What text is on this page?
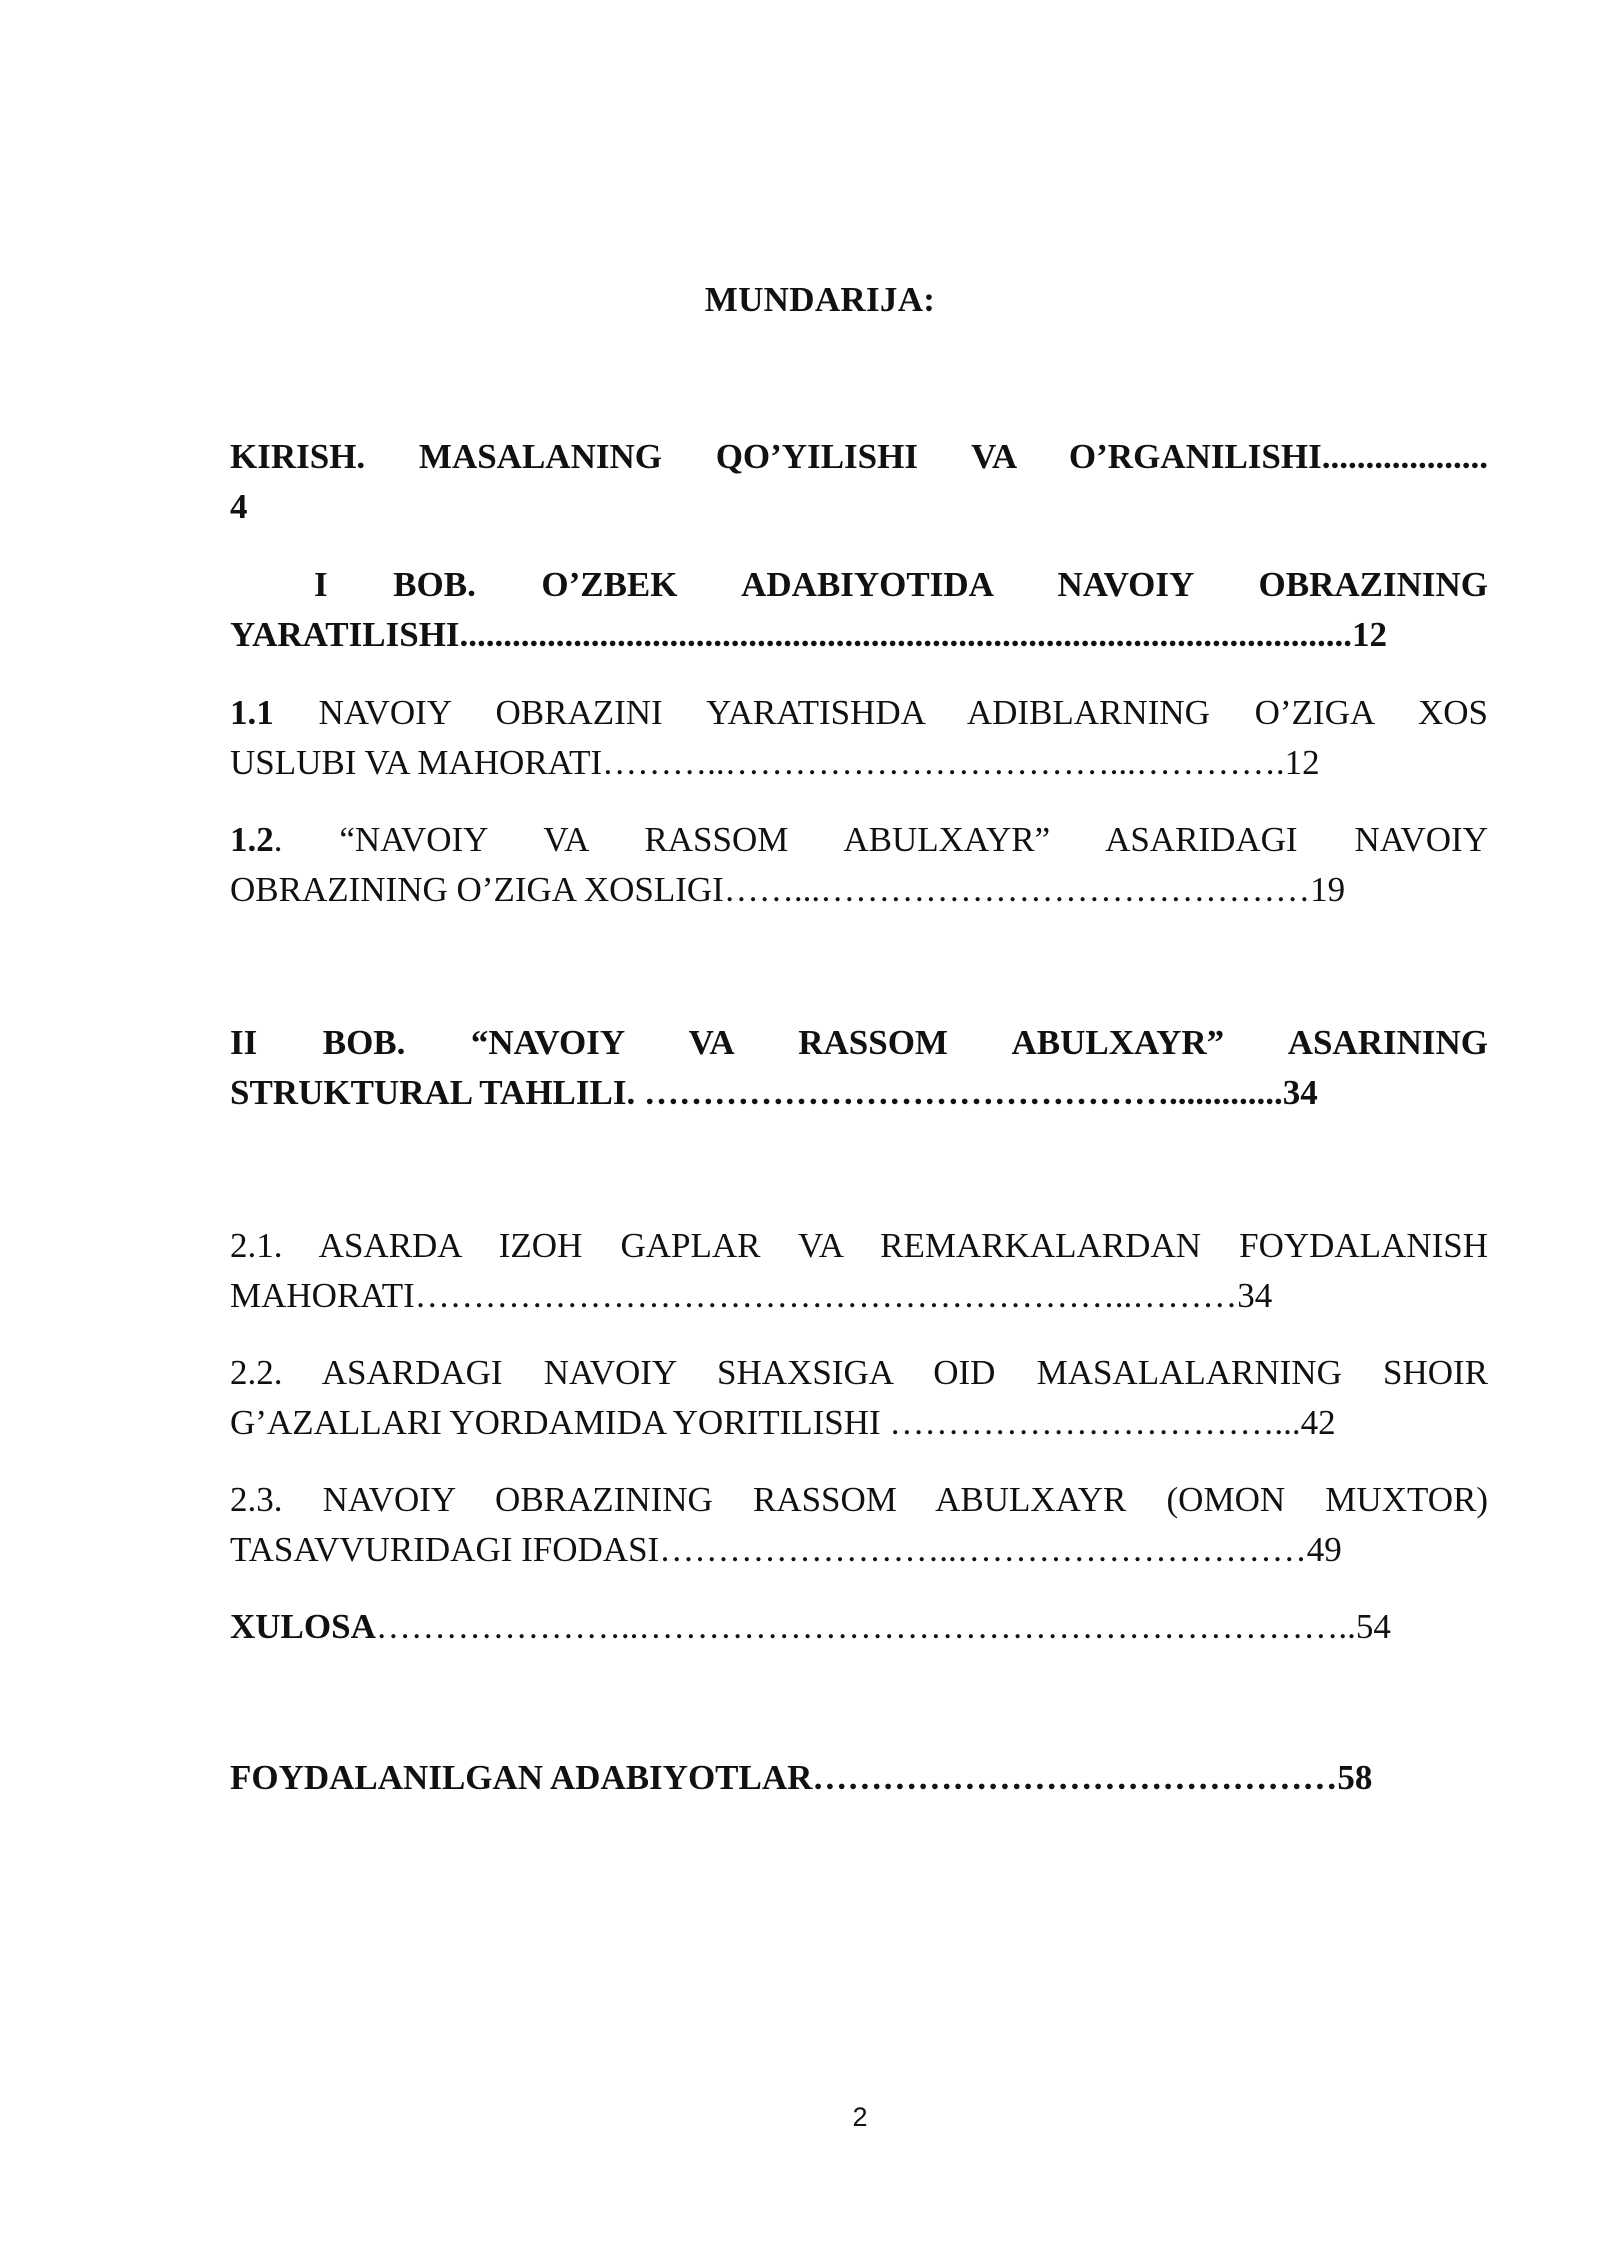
MUNDARIJA:
KIRISH. MASALANING QO’YILISHI VA O’RGANILISHI...................
4
I BOB. O’ZBEK ADABIYOTIDA NAVOIY OBRAZINING
YARATILISHI......................................................................................................12
1.1 NAVOIY OBRAZINI YARATISHDA ADIBLARNING O’ZIGA XOS
USLUBI VA MAHORATI………..……………………………...………….12
1.2. “NAVOIY VA RASSOM ABULXAYR” ASARIDAGI NAVOIY
OBRAZINING O’ZIGA XOSLIGI……...……………………………………19
II BOB. “NAVOIY VA RASSOM ABULXAYR” ASARINING
STRUKTURAL TAHLILI. ……………………………………….............34
2.1. ASARDA IZOH GAPLAR VA REMARKALARDAN FOYDALANISH
MAHORATI……………………………………………………..………34
2.2. ASARDAGI NAVOIY SHAXSIGA OID MASALALARNING SHOIR
G’AZALLARI YORDAMIDA YORITILISHI ……………………………...42
2.3. NAVOIY OBRAZINING RASSOM ABULXAYR (OMON MUXTOR)
TASAVVURIDAGI IFODASI……………………..…………………………49
XULOSA…………………..……………………………………………………..54
FOYDALANILGAN ADABIYOTLAR………………………………………58
2
